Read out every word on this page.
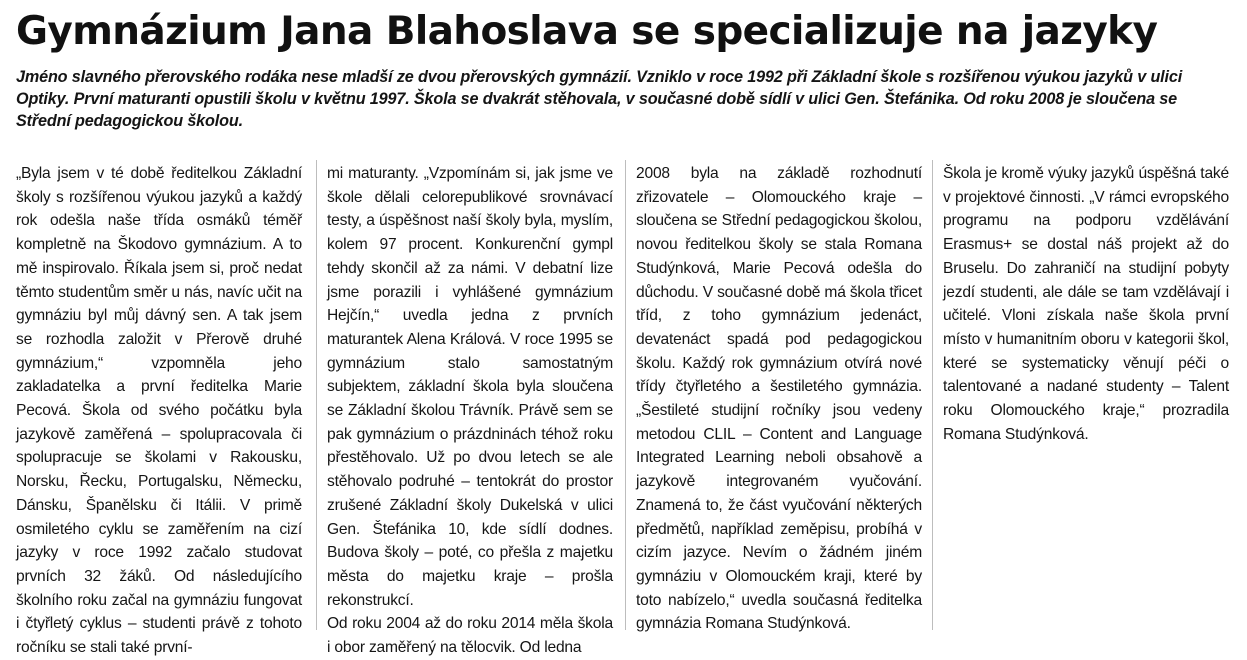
Gymnázium Jana Blahoslava se specializuje na jazyky

Jméno slavného přerovského rodáka nese mladší ze dvou přerovských gymnázií. Vzniklo v roce 1992 při Základní škole s rozšířenou výukou jazyků v ulici Optiky. První maturanti opustili školu v květnu 1997. Škola se dvakrát stěhovala, v současné době sídlí v ulici Gen. Štefánika. Od roku 2008 je sloučena se Střední pedagogickou školou.

„Byla jsem v té době ředitelkou Základní školy s rozšířenou výukou jazyků a každý rok odešla naše třída osmáků téměř kompletně na Škodovo gymnázium. A to mě inspirovalo. Říkala jsem si, proč nedat těmto studentům směr u nás, navíc učit na gymnáziu byl můj dávný sen. A tak jsem se rozhodla založit v Přerově druhé gymnázium,“ vzpomněla jeho zakladatelka a první ředitelka Marie Pecová. Škola od svého počátku byla jazykově zaměřená – spolupracovala či spolupracuje se školami v Rakousku, Norsku, Řecku, Portugalsku, Německu, Dánsku, Španělsku či Itálii. V primě osmiletého cyklu se zaměřením na cizí jazyky v roce 1992 začalo studovat prvních 32 žáků. Od následujícího školního roku začal na gymnáziu fungovat i čtyřletý cyklus – studenti právě z tohoto ročníku se stali také první-

mi maturanty. „Vzpomínám si, jak jsme ve škole dělali celorepublikové srovnávací testy, a úspěšnost naší školy byla, myslím, kolem 97 procent. Konkurenční gympl tehdy skončil až za námi. V debatní lize jsme porazili i vyhlášené gymnázium Hejčín,“ uvedla jedna z prvních maturantek Alena Králová. V roce 1995 se gymnázium stalo samostatným subjektem, základní škola byla sloučena se Základní školou Trávník. Právě sem se pak gymnázium o prázdninách téhož roku přestěhovalo. Už po dvou letech se ale stěhovalo podruhé – tentokrát do prostor zrušené Základní školy Dukelská v ulici Gen. Štefánika 10, kde sídlí dodnes. Budova školy – poté, co přešla z majetku města do majetku kraje – prošla rekonstrukcí.

Od roku 2004 až do roku 2014 měla škola i obor zaměřený na tělocvik. Od ledna

2008 byla na základě rozhodnutí zřizovatele – Olomouckého kraje – sloučena se Střední pedagogickou školou, novou ředitelkou školy se stala Romana Studýnková, Marie Pecová odešla do důchodu. V současné době má škola třicet tříd, z toho gymnázium jedenáct, devatenáct spadá pod pedagogickou školu. Každý rok gymnázium otvírá nové třídy čtyřletého a šestiletého gymnázia. „Šestileté studijní ročníky jsou vedeny metodou CLIL – Content and Language Integrated Learning neboli obsahově a jazykově integrovaném vyučování. Znamená to, že část vyučování některých předmětů, například zeměpisu, probíhá v cizím jazyce. Nevím o žádném jiném gymnáziu v Olomouckém kraji, které by toto nabízelo,“ uvedla současná ředitelka gymnázia Romana Studýnková.

Škola je kromě výuky jazyků úspěšná také v projektové činnosti. „V rámci evropského programu na podporu vzdělávání Erasmus+ se dostal náš projekt až do Bruselu. Do zahraničí na studijní pobyty jezdí studenti, ale dále se tam vzdělávají i učitelé. Vloni získala naše škola první místo v humanitním oboru v kategorii škol, které se systematicky věnují péči o talentované a nadané studenty – Talent roku Olomouckého kraje,“ prozradila Romana Studýnková.
